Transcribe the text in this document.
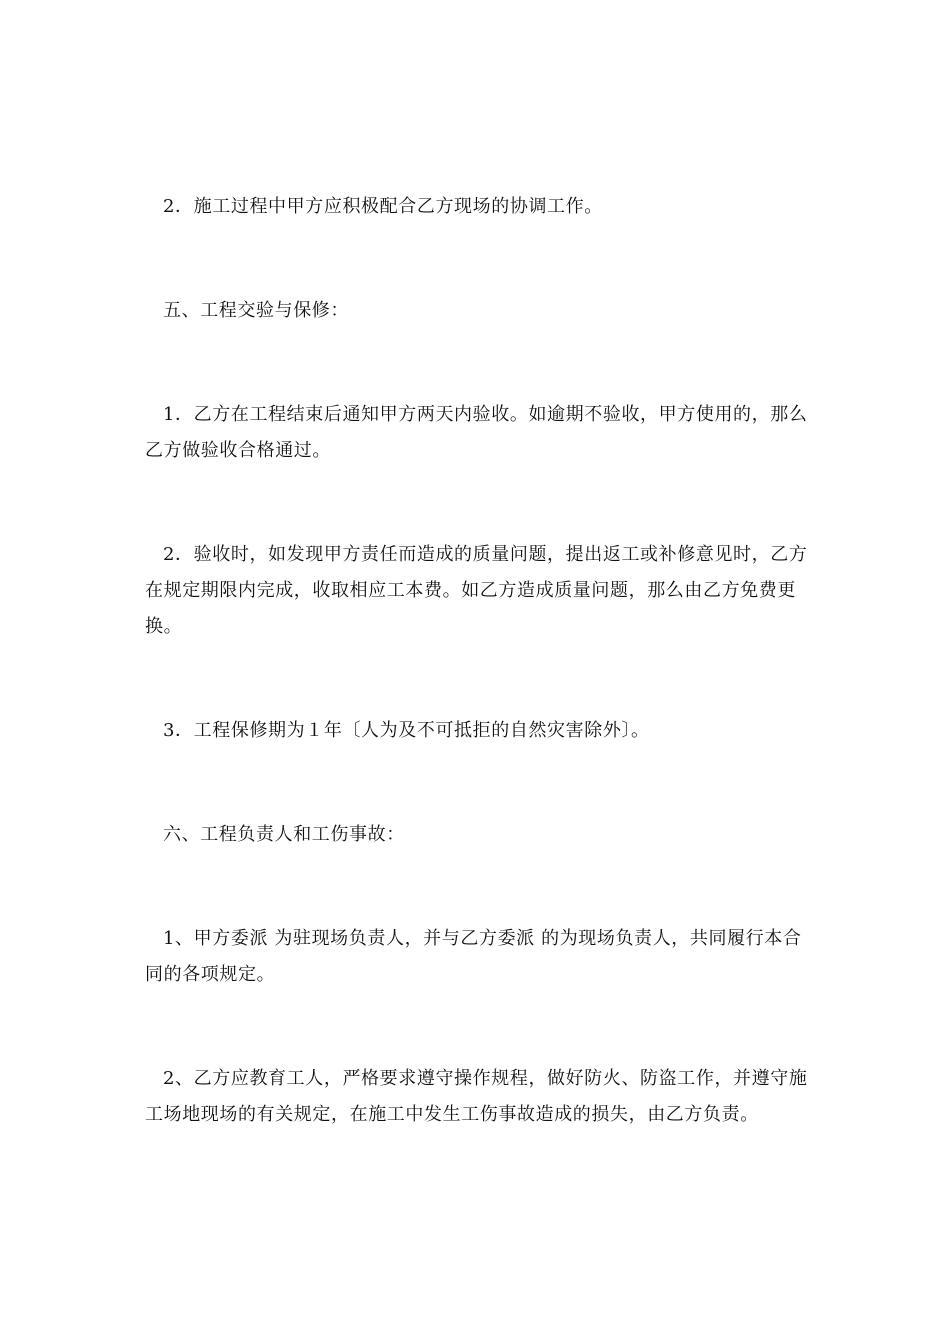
2．施工过程中甲方应积极配合乙方现场的协调工作。

五、工程交验与保修：

1．乙方在工程结束后通知甲方两天内验收。如逾期不验收，甲方使用的，那么乙方做验收合格通过。

2．验收时，如发现甲方责任而造成的质量问题，提出返工或补修意见时，乙方在规定期限内完成，收取相应工本费。如乙方造成质量问题，那么由乙方免费更换。

3．工程保修期为１年〔人为及不可抵拒的自然灾害除外〕。

六、工程负责人和工伤事故：

1、甲方委派 为驻现场负责人，并与乙方委派 的为现场负责人，共同履行本合同的各项规定。

2、乙方应教育工人，严格要求遵守操作规程，做好防火、防盗工作，并遵守施工场地现场的有关规定，在施工中发生工伤事故造成的损失，由乙方负责。
